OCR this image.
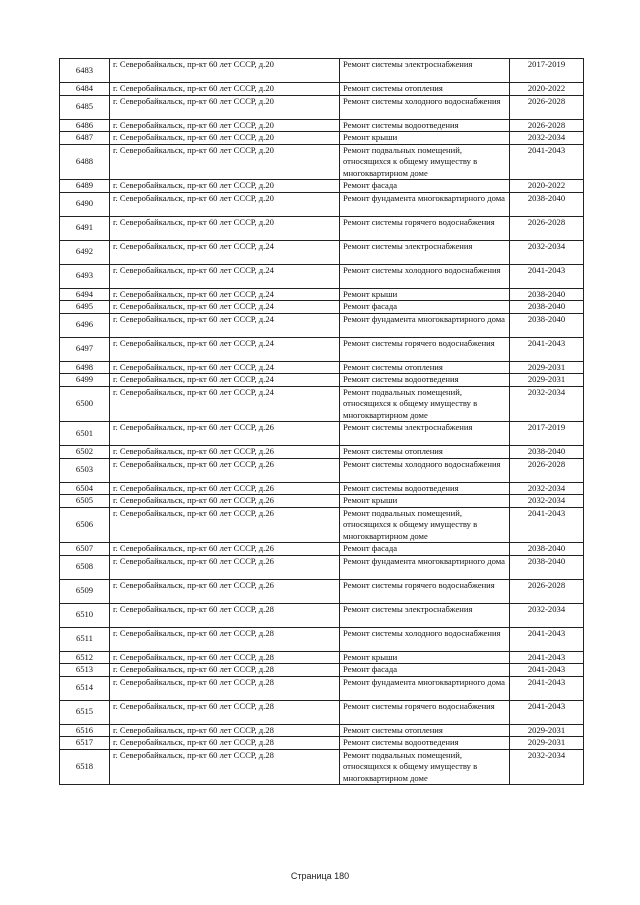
6483	г. Северобайкальск, пр-кт 60 лет СССР, д.20	Ремонт системы электроснабжения	2017-2019
6484	г. Северобайкальск, пр-кт 60 лет СССР, д.20	Ремонт системы отопления	2020-2022
6485	г. Северобайкальск, пр-кт 60 лет СССР, д.20	Ремонт системы холодного водоснабжения	2026-2028
6486	г. Северобайкальск, пр-кт 60 лет СССР, д.20	Ремонт системы водоотведения	2026-2028
6487	г. Северобайкальск, пр-кт 60 лет СССР, д.20	Ремонт крыши	2032-2034
6488	г. Северобайкальск, пр-кт 60 лет СССР, д.20	Ремонт подвальных помещений, относящихся к общему имуществу в многоквартирном доме	2041-2043
6489	г. Северобайкальск, пр-кт 60 лет СССР, д.20	Ремонт фасада	2020-2022
6490	г. Северобайкальск, пр-кт 60 лет СССР, д.20	Ремонт фундамента многоквартирного дома	2038-2040
6491	г. Северобайкальск, пр-кт 60 лет СССР, д.20	Ремонт системы горячего водоснабжения	2026-2028
6492	г. Северобайкальск, пр-кт 60 лет СССР, д.24	Ремонт системы электроснабжения	2032-2034
6493	г. Северобайкальск, пр-кт 60 лет СССР, д.24	Ремонт системы холодного водоснабжения	2041-2043
6494	г. Северобайкальск, пр-кт 60 лет СССР, д.24	Ремонт крыши	2038-2040
6495	г. Северобайкальск, пр-кт 60 лет СССР, д.24	Ремонт фасада	2038-2040
6496	г. Северобайкальск, пр-кт 60 лет СССР, д.24	Ремонт фундамента многоквартирного дома	2038-2040
6497	г. Северобайкальск, пр-кт 60 лет СССР, д.24	Ремонт системы горячего водоснабжения	2041-2043
6498	г. Северобайкальск, пр-кт 60 лет СССР, д.24	Ремонт системы отопления	2029-2031
6499	г. Северобайкальск, пр-кт 60 лет СССР, д.24	Ремонт системы водоотведения	2029-2031
6500	г. Северобайкальск, пр-кт 60 лет СССР, д.24	Ремонт подвальных помещений, относящихся к общему имуществу в многоквартирном доме	2032-2034
6501	г. Северобайкальск, пр-кт 60 лет СССР, д.26	Ремонт системы электроснабжения	2017-2019
6502	г. Северобайкальск, пр-кт 60 лет СССР, д.26	Ремонт системы отопления	2038-2040
6503	г. Северобайкальск, пр-кт 60 лет СССР, д.26	Ремонт системы холодного водоснабжения	2026-2028
6504	г. Северобайкальск, пр-кт 60 лет СССР, д.26	Ремонт системы водоотведения	2032-2034
6505	г. Северобайкальск, пр-кт 60 лет СССР, д.26	Ремонт крыши	2032-2034
6506	г. Северобайкальск, пр-кт 60 лет СССР, д.26	Ремонт подвальных помещений, относящихся к общему имуществу в многоквартирном доме	2041-2043
6507	г. Северобайкальск, пр-кт 60 лет СССР, д.26	Ремонт фасада	2038-2040
6508	г. Северобайкальск, пр-кт 60 лет СССР, д.26	Ремонт фундамента многоквартирного дома	2038-2040
6509	г. Северобайкальск, пр-кт 60 лет СССР, д.26	Ремонт системы горячего водоснабжения	2026-2028
6510	г. Северобайкальск, пр-кт 60 лет СССР, д.28	Ремонт системы электроснабжения	2032-2034
6511	г. Северобайкальск, пр-кт 60 лет СССР, д.28	Ремонт системы холодного водоснабжения	2041-2043
6512	г. Северобайкальск, пр-кт 60 лет СССР, д.28	Ремонт крыши	2041-2043
6513	г. Северобайкальск, пр-кт 60 лет СССР, д.28	Ремонт фасада	2041-2043
6514	г. Северобайкальск, пр-кт 60 лет СССР, д.28	Ремонт фундамента многоквартирного дома	2041-2043
6515	г. Северобайкальск, пр-кт 60 лет СССР, д.28	Ремонт системы горячего водоснабжения	2041-2043
6516	г. Северобайкальск, пр-кт 60 лет СССР, д.28	Ремонт системы отопления	2029-2031
6517	г. Северобайкальск, пр-кт 60 лет СССР, д.28	Ремонт системы водоотведения	2029-2031
6518	г. Северобайкальск, пр-кт 60 лет СССР, д.28	Ремонт подвальных помещений, относящихся к общему имуществу в многоквартирном доме	2032-2034
Страница 180
